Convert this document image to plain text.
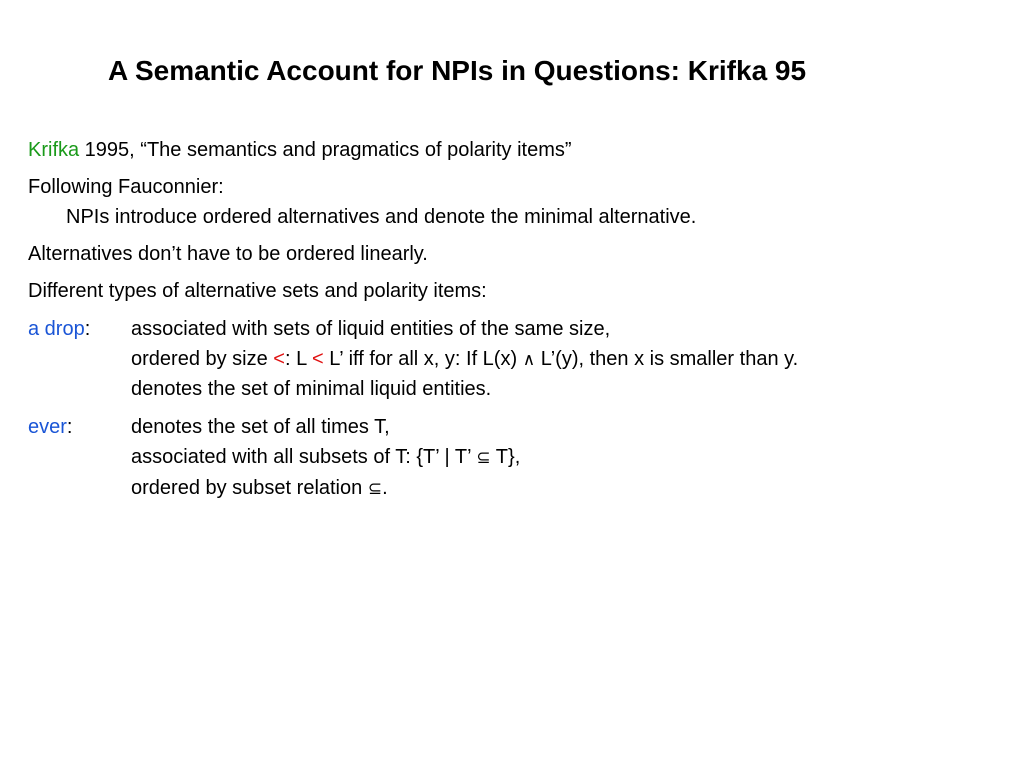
A Semantic Account for NPIs in Questions: Krifka 95
Krifka 1995, “The semantics and pragmatics of polarity items”
Following Fauconnier:
NPIs introduce ordered alternatives and denote the minimal alternative.
Alternatives don’t have to be ordered linearly.
Different types of alternative sets and polarity items:
a drop: associated with sets of liquid entities of the same size,
ordered by size <: L < L’ iff for all x, y: If L(x) ∧ L’(y), then x is smaller than y.
denotes the set of minimal liquid entities.
ever:	denotes the set of all times T,
associated with all subsets of T: {T’ | T’ ⊆ T},
ordered by subset relation ⊆.
